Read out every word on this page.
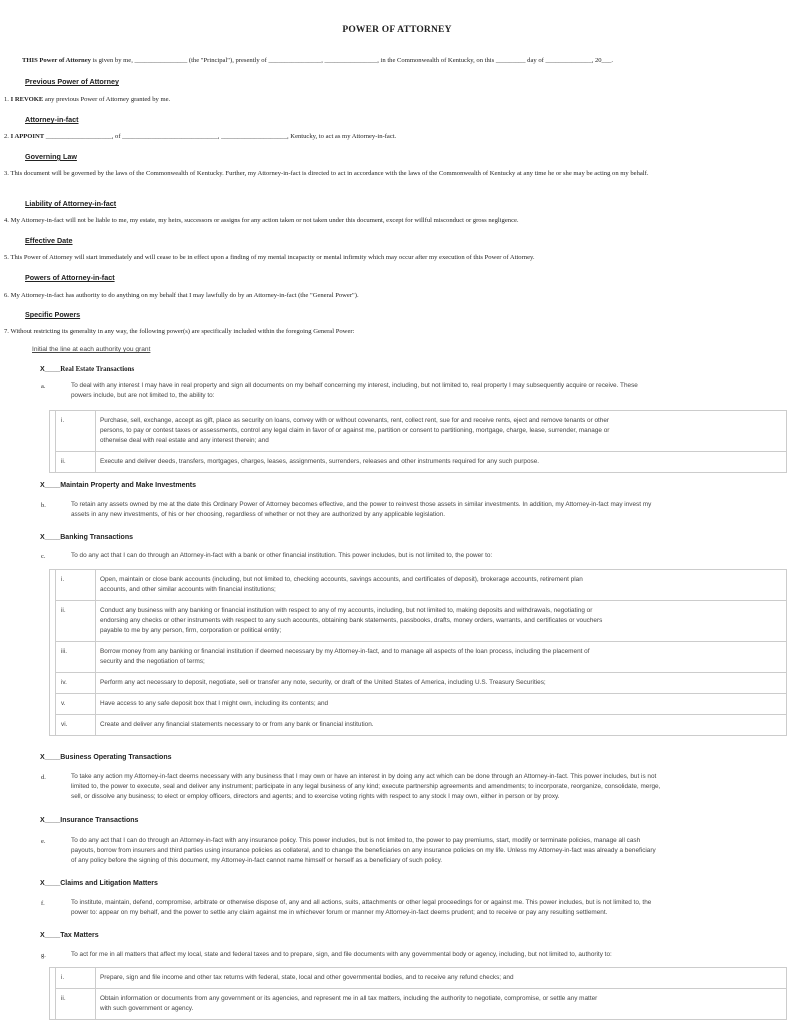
POWER OF ATTORNEY
THIS Power of Attorney is given by me, ________________ (the "Principal"), presently of ________________, ________________, in the Commonwealth of Kentucky, on this _________ day of ______________, 20___.
Previous Power of Attorney
1. I REVOKE any previous Power of Attorney granted by me.
Attorney-in-fact
2. I APPOINT ____________________, of _____________________________, ____________________, Kentucky, to act as my Attorney-in-fact.
Governing Law
3. This document will be governed by the laws of the Commonwealth of Kentucky. Further, my Attorney-in-fact is directed to act in accordance with the laws of the Commonwealth of Kentucky at any time he or she may be acting on my behalf.
Liability of Attorney-in-fact
4. My Attorney-in-fact will not be liable to me, my estate, my heirs, successors or assigns for any action taken or not taken under this document, except for willful misconduct or gross negligence.
Effective Date
5. This Power of Attorney will start immediately and will cease to be in effect upon a finding of my mental incapacity or mental infirmity which may occur after my execution of this Power of Attorney.
Powers of Attorney-in-fact
6. My Attorney-in-fact has authority to do anything on my behalf that I may lawfully do by an Attorney-in-fact (the "General Power").
Specific Powers
7. Without restricting its generality in any way, the following power(s) are specifically included within the foregoing General Power:
Initial the line at each authority you grant
X____Real Estate Transactions
a.	To deal with any interest I may have in real property and sign all documents on my behalf concerning my interest, including, but not limited to, real property I may subsequently acquire or receive. These
powers include, but are not limited to, the ability to:
	i.	Purchase, sell, exchange, accept as gift, place as security on loans, convey with or without covenants, rent, collect rent, sue for and receive rents, eject and remove tenants or other
persons, to pay or contest taxes or assessments, control any legal claim in favor of or against me, partition or consent to partitioning, mortgage, charge, lease, surrender, manage or
otherwise deal with real estate and any interest therein; and

	ii.	Execute and deliver deeds, transfers, mortgages, charges, leases, assignments, surrenders, releases and other instruments required for any such purpose.
X____Maintain Property and Make Investments
b.	To retain any assets owned by me at the date this Ordinary Power of Attorney becomes effective, and the power to reinvest those assets in similar investments. In addition, my Attorney-in-fact may invest my
assets in any new investments, of his or her choosing, regardless of whether or not they are authorized by any applicable legislation.
X____Banking Transactions
c.	To do any act that I can do through an Attorney-in-fact with a bank or other financial institution. This power includes, but is not limited to, the power to:
	i.	Open, maintain or close bank accounts (including, but not limited to, checking accounts, savings accounts, and certificates of deposit), brokerage accounts, retirement plan
accounts, and other similar accounts with financial institutions;

	ii.	Conduct any business with any banking or financial institution with respect to any of my accounts, including, but not limited to, making deposits and withdrawals, negotiating or
endorsing any checks or other instruments with respect to any such accounts, obtaining bank statements, passbooks, drafts, money orders, warrants, and certificates or vouchers
payable to me by any person, firm, corporation or political entity;

	iii.	Borrow money from any banking or financial institution if deemed necessary by my Attorney-in-fact, and to manage all aspects of the loan process, including the placement of
security and the negotiation of terms;

	iv.	Perform any act necessary to deposit, negotiate, sell or transfer any note, security, or draft of the United States of America, including U.S. Treasury Securities;
	v.	Have access to any safe deposit box that I might own, including its contents; and
	vi.	Create and deliver any financial statements necessary to or from any bank or financial institution.
X____Business Operating Transactions
d.	To take any action my Attorney-in-fact deems necessary with any business that I may own or have an interest in by doing any act which can be done through an Attorney-in-fact. This power includes, but is not
limited to, the power to execute, seal and deliver any instrument; participate in any legal business of any kind; execute partnership agreements and amendments; to incorporate, reorganize, consolidate, merge,
sell, or dissolve any business; to elect or employ officers, directors and agents; and to exercise voting rights with respect to any stock I may own, either in person or by proxy.
X____Insurance Transactions
e.	To do any act that I can do through an Attorney-in-fact with any insurance policy. This power includes, but is not limited to, the power to pay premiums, start, modify or terminate policies, manage all cash
payouts, borrow from insurers and third parties using insurance policies as collateral, and to change the beneficiaries on any insurance policies on my life. Unless my Attorney-in-fact was already a beneficiary
of any policy before the signing of this document, my Attorney-in-fact cannot name himself or herself as a beneficiary of such policy.
X____Claims and Litigation Matters
f.	To institute, maintain, defend, compromise, arbitrate or otherwise dispose of, any and all actions, suits, attachments or other legal proceedings for or against me. This power includes, but is not limited to, the
power to: appear on my behalf, and the power to settle any claim against me in whichever forum or manner my Attorney-in-fact deems prudent; and to receive or pay any resulting settlement.
X____Tax Matters
g.	To act for me in all matters that affect my local, state and federal taxes and to prepare, sign, and file documents with any governmental body or agency, including, but not limited to, authority to:
	i.	Prepare, sign and file income and other tax returns with federal, state, local and other governmental bodies, and to receive any refund checks; and
	ii.	Obtain information or documents from any government or its agencies, and represent me in all tax matters, including the authority to negotiate, compromise, or settle any matter
with such government or agency.
